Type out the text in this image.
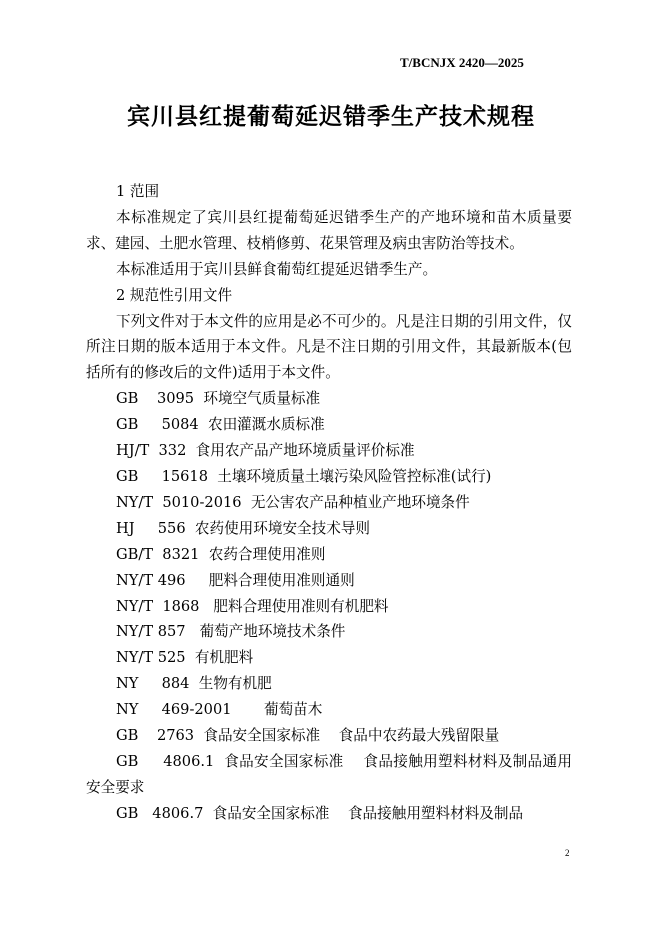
T/BCNJX 2420—2025
宾川县红提葡萄延迟错季生产技术规程

1 范围

本标准规定了宾川县红提葡萄延迟错季生产的产地环境和苗木质量要求、建园、土肥水管理、枝梢修剪、花果管理及病虫害防治等技术。

本标准适用于宾川县鲜食葡萄红提延迟错季生产。

2 规范性引用文件

下列文件对于本文件的应用是必不可少的。凡是注日期的引用文件，仅所注日期的版本适用于本文件。凡是不注日期的引用文件，其最新版本(包括所有的修改后的文件)适用于本文件。

GB    3095  环境空气质量标准

GB     5084  农田灌溉水质标准

HJ/T  332  食用农产品产地环境质量评价标准

GB     15618  土壤环境质量土壤污染风险管控标准(试行)

NY/T  5010-2016  无公害农产品种植业产地环境条件

HJ     556  农药使用环境安全技术导则

GB/T  8321  农药合理使用准则

NY/T 496     肥料合理使用准则通则

NY/T  1868   肥料合理使用准则有机肥料

NY/T 857   葡萄产地环境技术条件

NY/T 525  有机肥料

NY     884  生物有机肥

NY     469-2001       葡萄苗木

GB    2763  食品安全国家标准    食品中农药最大残留限量

GB     4806.1  食品安全国家标准    食品接触用塑料材料及制品通用安全要求

GB   4806.7  食品安全国家标准    食品接触用塑料材料及制品

2
